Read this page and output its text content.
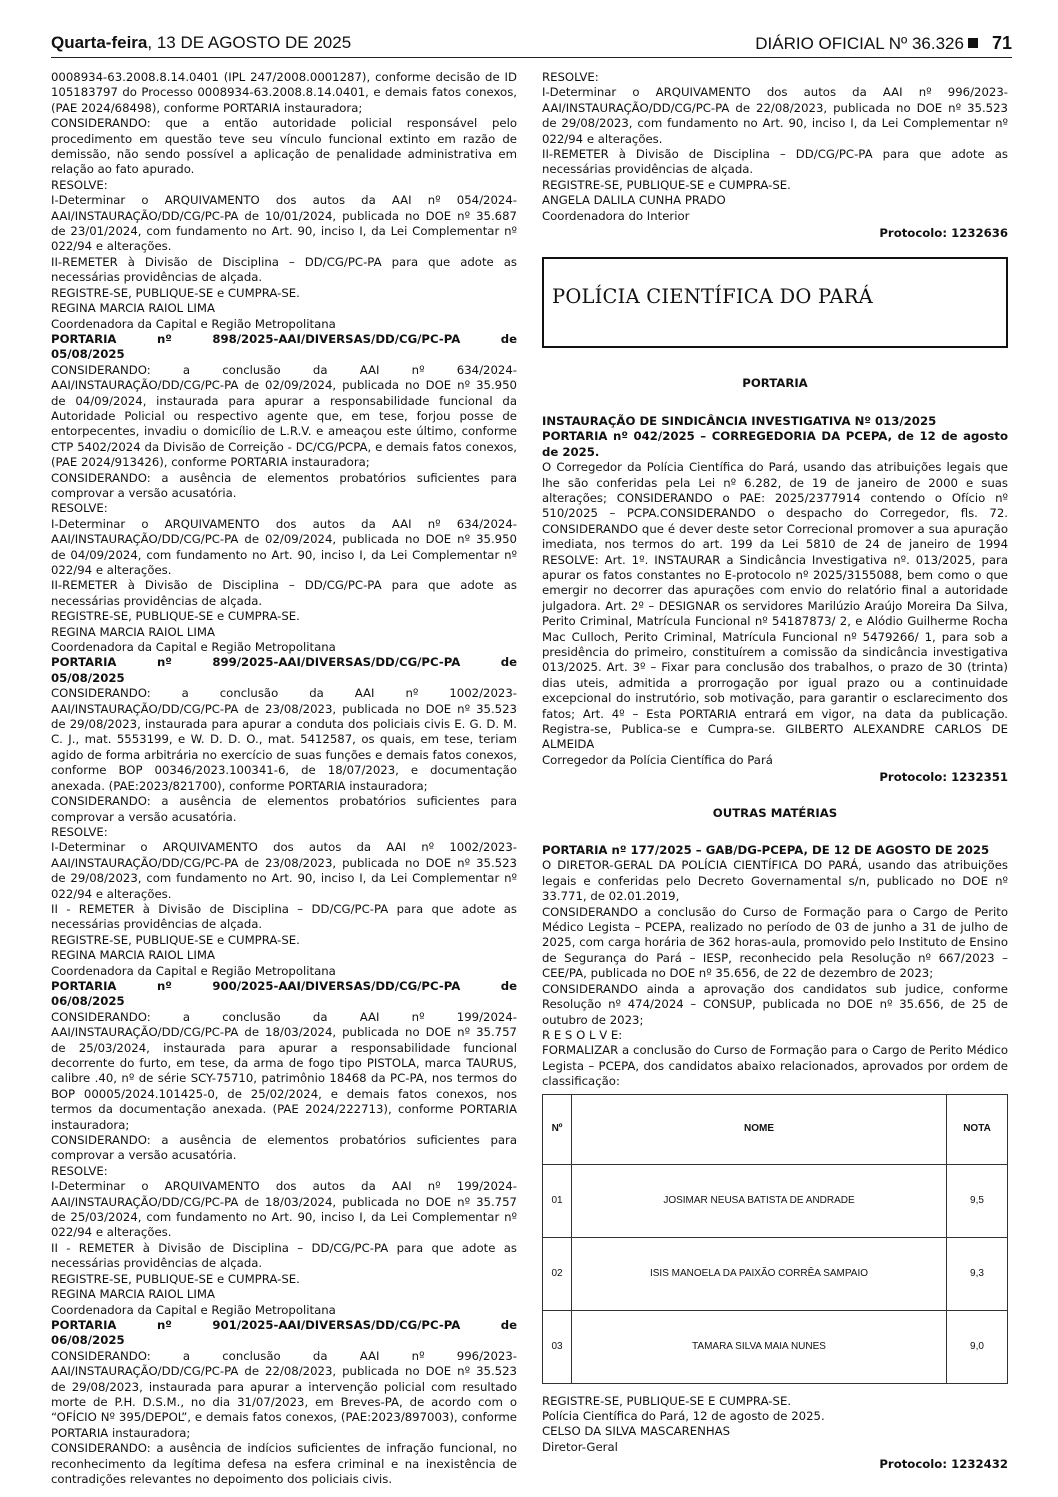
Quarta-feira, 13 DE AGOSTO DE 2025	DIÁRIO OFICIAL Nº 36.326 71

0008934-63.2008.8.14.0401 (IPL 247/2008.0001287), conforme decisão de ID 105183797 do Processo 0008934-63.2008.8.14.0401, e demais fatos conexos, (PAE 2024/68498), conforme PORTARIA instauradora;

CONSIDERANDO: que a então autoridade policial responsável pelo procedimento em questão teve seu vínculo funcional extinto em razão de demissão, não sendo possível a aplicação de penalidade administrativa em relação ao fato apurado.

RESOLVE:

I-Determinar o ARQUIVAMENTO dos autos da AAI nº 054/2024-AAI/INSTAURAÇÃO/DD/CG/PC-PA de 10/01/2024, publicada no DOE nº 35.687 de 23/01/2024, com fundamento no Art. 90, inciso I, da Lei Complementar nº 022/94 e alterações.

II-REMETER à Divisão de Disciplina – DD/CG/PC-PA para que adote as necessárias providências de alçada.

REGISTRE-SE, PUBLIQUE-SE e CUMPRA-SE.

REGINA MARCIA RAIOL LIMA

Coordenadora da Capital e Região Metropolitana

PORTARIA	nº	898/2025-AAI/DIVERSAS/DD/CG/PC-PA	de
05/08/2025

CONSIDERANDO: a conclusão da AAI nº 634/2024-AAI/INSTAURAÇÃO/DD/CG/PC-PA de 02/09/2024, publicada no DOE nº 35.950 de 04/09/2024, instaurada para apurar a responsabilidade funcional da Autoridade Policial ou respectivo agente que, em tese, forjou posse de entorpecentes, invadiu o domicílio de L.R.V. e ameaçou este último, conforme CTP 5402/2024 da Divisão de Correição - DC/CG/PCPA, e demais fatos conexos, (PAE 2024/913426), conforme PORTARIA instauradora;

CONSIDERANDO: a ausência de elementos probatórios suficientes para comprovar a versão acusatória.

RESOLVE:

I-Determinar o ARQUIVAMENTO dos autos da AAI nº 634/2024-AAI/INSTAURAÇÃO/DD/CG/PC-PA de 02/09/2024, publicada no DOE nº 35.950 de 04/09/2024, com fundamento no Art. 90, inciso I, da Lei Complementar nº 022/94 e alterações.

II-REMETER à Divisão de Disciplina – DD/CG/PC-PA para que adote as necessárias providências de alçada.

REGISTRE-SE, PUBLIQUE-SE e CUMPRA-SE.

REGINA MARCIA RAIOL LIMA

Coordenadora da Capital e Região Metropolitana

PORTARIA	nº	899/2025-AAI/DIVERSAS/DD/CG/PC-PA	de
05/08/2025

CONSIDERANDO: a conclusão da AAI nº 1002/2023-AAI/INSTAURAÇÃO/DD/CG/PC-PA de 23/08/2023, publicada no DOE nº 35.523 de 29/08/2023, instaurada para apurar a conduta dos policiais civis E. G. D. M. C. J., mat. 5553199, e W. D. D. O., mat. 5412587, os quais, em tese, teriam agido de forma arbitrária no exercício de suas funções e demais fatos conexos, conforme BOP 00346/2023.100341-6, de 18/07/2023, e documentação anexada. (PAE:2023/821700), conforme PORTARIA instauradora;

CONSIDERANDO: a ausência de elementos probatórios suficientes para comprovar a versão acusatória.

RESOLVE:

I-Determinar o ARQUIVAMENTO dos autos da AAI nº 1002/2023-AAI/INSTAURAÇÃO/DD/CG/PC-PA de 23/08/2023, publicada no DOE nº 35.523 de 29/08/2023, com fundamento no Art. 90, inciso I, da Lei Complementar nº 022/94 e alterações.

II - REMETER à Divisão de Disciplina – DD/CG/PC-PA para que adote as necessárias providências de alçada.

REGISTRE-SE, PUBLIQUE-SE e CUMPRA-SE.

REGINA MARCIA RAIOL LIMA

Coordenadora da Capital e Região Metropolitana

PORTARIA	nº	900/2025-AAI/DIVERSAS/DD/CG/PC-PA	de
06/08/2025

CONSIDERANDO: a conclusão da AAI nº 199/2024-AAI/INSTAURAÇÃO/DD/CG/PC-PA de 18/03/2024, publicada no DOE nº 35.757 de 25/03/2024, instaurada para apurar a responsabilidade funcional decorrente do furto, em tese, da arma de fogo tipo PISTOLA, marca TAURUS, calibre .40, nº de série SCY-75710, patrimônio 18468 da PC-PA, nos termos do BOP 00005/2024.101425-0, de 25/02/2024, e demais fatos conexos, nos termos da documentação anexada. (PAE 2024/222713), conforme PORTARIA instauradora;

CONSIDERANDO: a ausência de elementos probatórios suficientes para comprovar a versão acusatória.

RESOLVE:

I-Determinar o ARQUIVAMENTO dos autos da AAI nº 199/2024-AAI/INSTAURAÇÃO/DD/CG/PC-PA de 18/03/2024, publicada no DOE nº 35.757 de 25/03/2024, com fundamento no Art. 90, inciso I, da Lei Complementar nº 022/94 e alterações.

II - REMETER à Divisão de Disciplina – DD/CG/PC-PA para que adote as necessárias providências de alçada.

REGISTRE-SE, PUBLIQUE-SE e CUMPRA-SE.

REGINA MARCIA RAIOL LIMA

Coordenadora da Capital e Região Metropolitana

PORTARIA	nº	901/2025-AAI/DIVERSAS/DD/CG/PC-PA	de
06/08/2025

CONSIDERANDO: a conclusão da AAI nº 996/2023-AAI/INSTAURAÇÃO/DD/CG/PC-PA de 22/08/2023, publicada no DOE nº 35.523 de 29/08/2023, instaurada para apurar a intervenção policial com resultado morte de P.H. D.S.M., no dia 31/07/2023, em Breves-PA, de acordo com o “OFÍCIO Nº 395/DEPOL”, e demais fatos conexos, (PAE:2023/897003), conforme PORTARIA instauradora;

CONSIDERANDO: a ausência de indícios suficientes de infração funcional, no reconhecimento da legítima defesa na esfera criminal e na inexistência de contradições relevantes no depoimento dos policiais civis.

RESOLVE:

I-Determinar o ARQUIVAMENTO dos autos da AAI nº 996/2023-AAI/INSTAURAÇÃO/DD/CG/PC-PA de 22/08/2023, publicada no DOE nº 35.523 de 29/08/2023, com fundamento no Art. 90, inciso I, da Lei Complementar nº 022/94 e alterações.

II-REMETER à Divisão de Disciplina – DD/CG/PC-PA para que adote as necessárias providências de alçada.

REGISTRE-SE, PUBLIQUE-SE e CUMPRA-SE.

ANGELA DALILA CUNHA PRADO

Coordenadora do Interior

Protocolo: 1232636

POLÍCIA CIENTÍFICA DO PARÁ

PORTARIA

INSTAURAÇÃO DE SINDICÂNCIA INVESTIGATIVA Nº 013/2025

PORTARIA nº 042/2025 – CORREGEDORIA DA PCEPA, de 12 de agosto de 2025.

O Corregedor da Polícia Científica do Pará, usando das atribuições legais que lhe são conferidas pela Lei nº 6.282, de 19 de janeiro de 2000 e suas alterações; CONSIDERANDO o PAE: 2025/2377914 contendo o Ofício nº 510/2025 – PCPA.CONSIDERANDO o despacho do Corregedor, fls. 72. CONSIDERANDO que é dever deste setor Correcional promover a sua apuração imediata, nos termos do art. 199 da Lei 5810 de 24 de janeiro de 1994 RESOLVE: Art. 1º. INSTAURAR a Sindicância Investigativa nº. 013/2025, para apurar os fatos constantes no E-protocolo nº 2025/3155088, bem como o que emergir no decorrer das apurações com envio do relatório final a autoridade julgadora. Art. 2º – DESIGNAR os servidores Marilúzio Araújo Moreira Da Silva, Perito Criminal, Matrícula Funcional nº 54187873/ 2, e Alódio Guilherme Rocha Mac Culloch, Perito Criminal, Matrícula Funcional nº 5479266/ 1, para sob a presidência do primeiro, constituírem a comissão da sindicância investigativa 013/2025. Art. 3º – Fixar para conclusão dos trabalhos, o prazo de 30 (trinta) dias uteis, admitida a prorrogação por igual prazo ou a continuidade excepcional do instrutório, sob motivação, para garantir o esclarecimento dos fatos; Art. 4º – Esta PORTARIA entrará em vigor, na data da publicação. Registra-se, Publica-se e Cumpra-se. GILBERTO ALEXANDRE CARLOS DE ALMEIDA

Corregedor da Polícia Científica do Pará

Protocolo: 1232351

OUTRAS MATÉRIAS

PORTARIA nº 177/2025 – GAB/DG-PCEPA, DE 12 DE AGOSTO DE 2025

O DIRETOR-GERAL DA POLÍCIA CIENTÍFICA DO PARÁ, usando das atribuições legais e conferidas pelo Decreto Governamental s/n, publicado no DOE nº 33.771, de 02.01.2019,

CONSIDERANDO a conclusão do Curso de Formação para o Cargo de Perito Médico Legista – PCEPA, realizado no período de 03 de junho a 31 de julho de 2025, com carga horária de 362 horas-aula, promovido pelo Instituto de Ensino de Segurança do Pará – IESP, reconhecido pela Resolução nº 667/2023 – CEE/PA, publicada no DOE nº 35.656, de 22 de dezembro de 2023;

CONSIDERANDO ainda a aprovação dos candidatos sub judice, conforme Resolução nº 474/2024 – CONSUP, publicada no DOE nº 35.656, de 25 de outubro de 2023;

R E S O L V E:

FORMALIZAR a conclusão do Curso de Formação para o Cargo de Perito Médico Legista – PCEPA, dos candidatos abaixo relacionados, aprovados por ordem de classificação:

Nº	NOME	NOTA
01	JOSIMAR NEUSA BATISTA DE ANDRADE	9,5
02	ISIS MANOELA DA PAIXÃO CORRÊA SAMPAIO	9,3
03	TAMARA SILVA MAIA NUNES	9,0

REGISTRE-SE, PUBLIQUE-SE E CUMPRA-SE.

Polícia Científica do Pará, 12 de agosto de 2025.

CELSO DA SILVA MASCARENHAS

Diretor-Geral

Protocolo: 1232432
